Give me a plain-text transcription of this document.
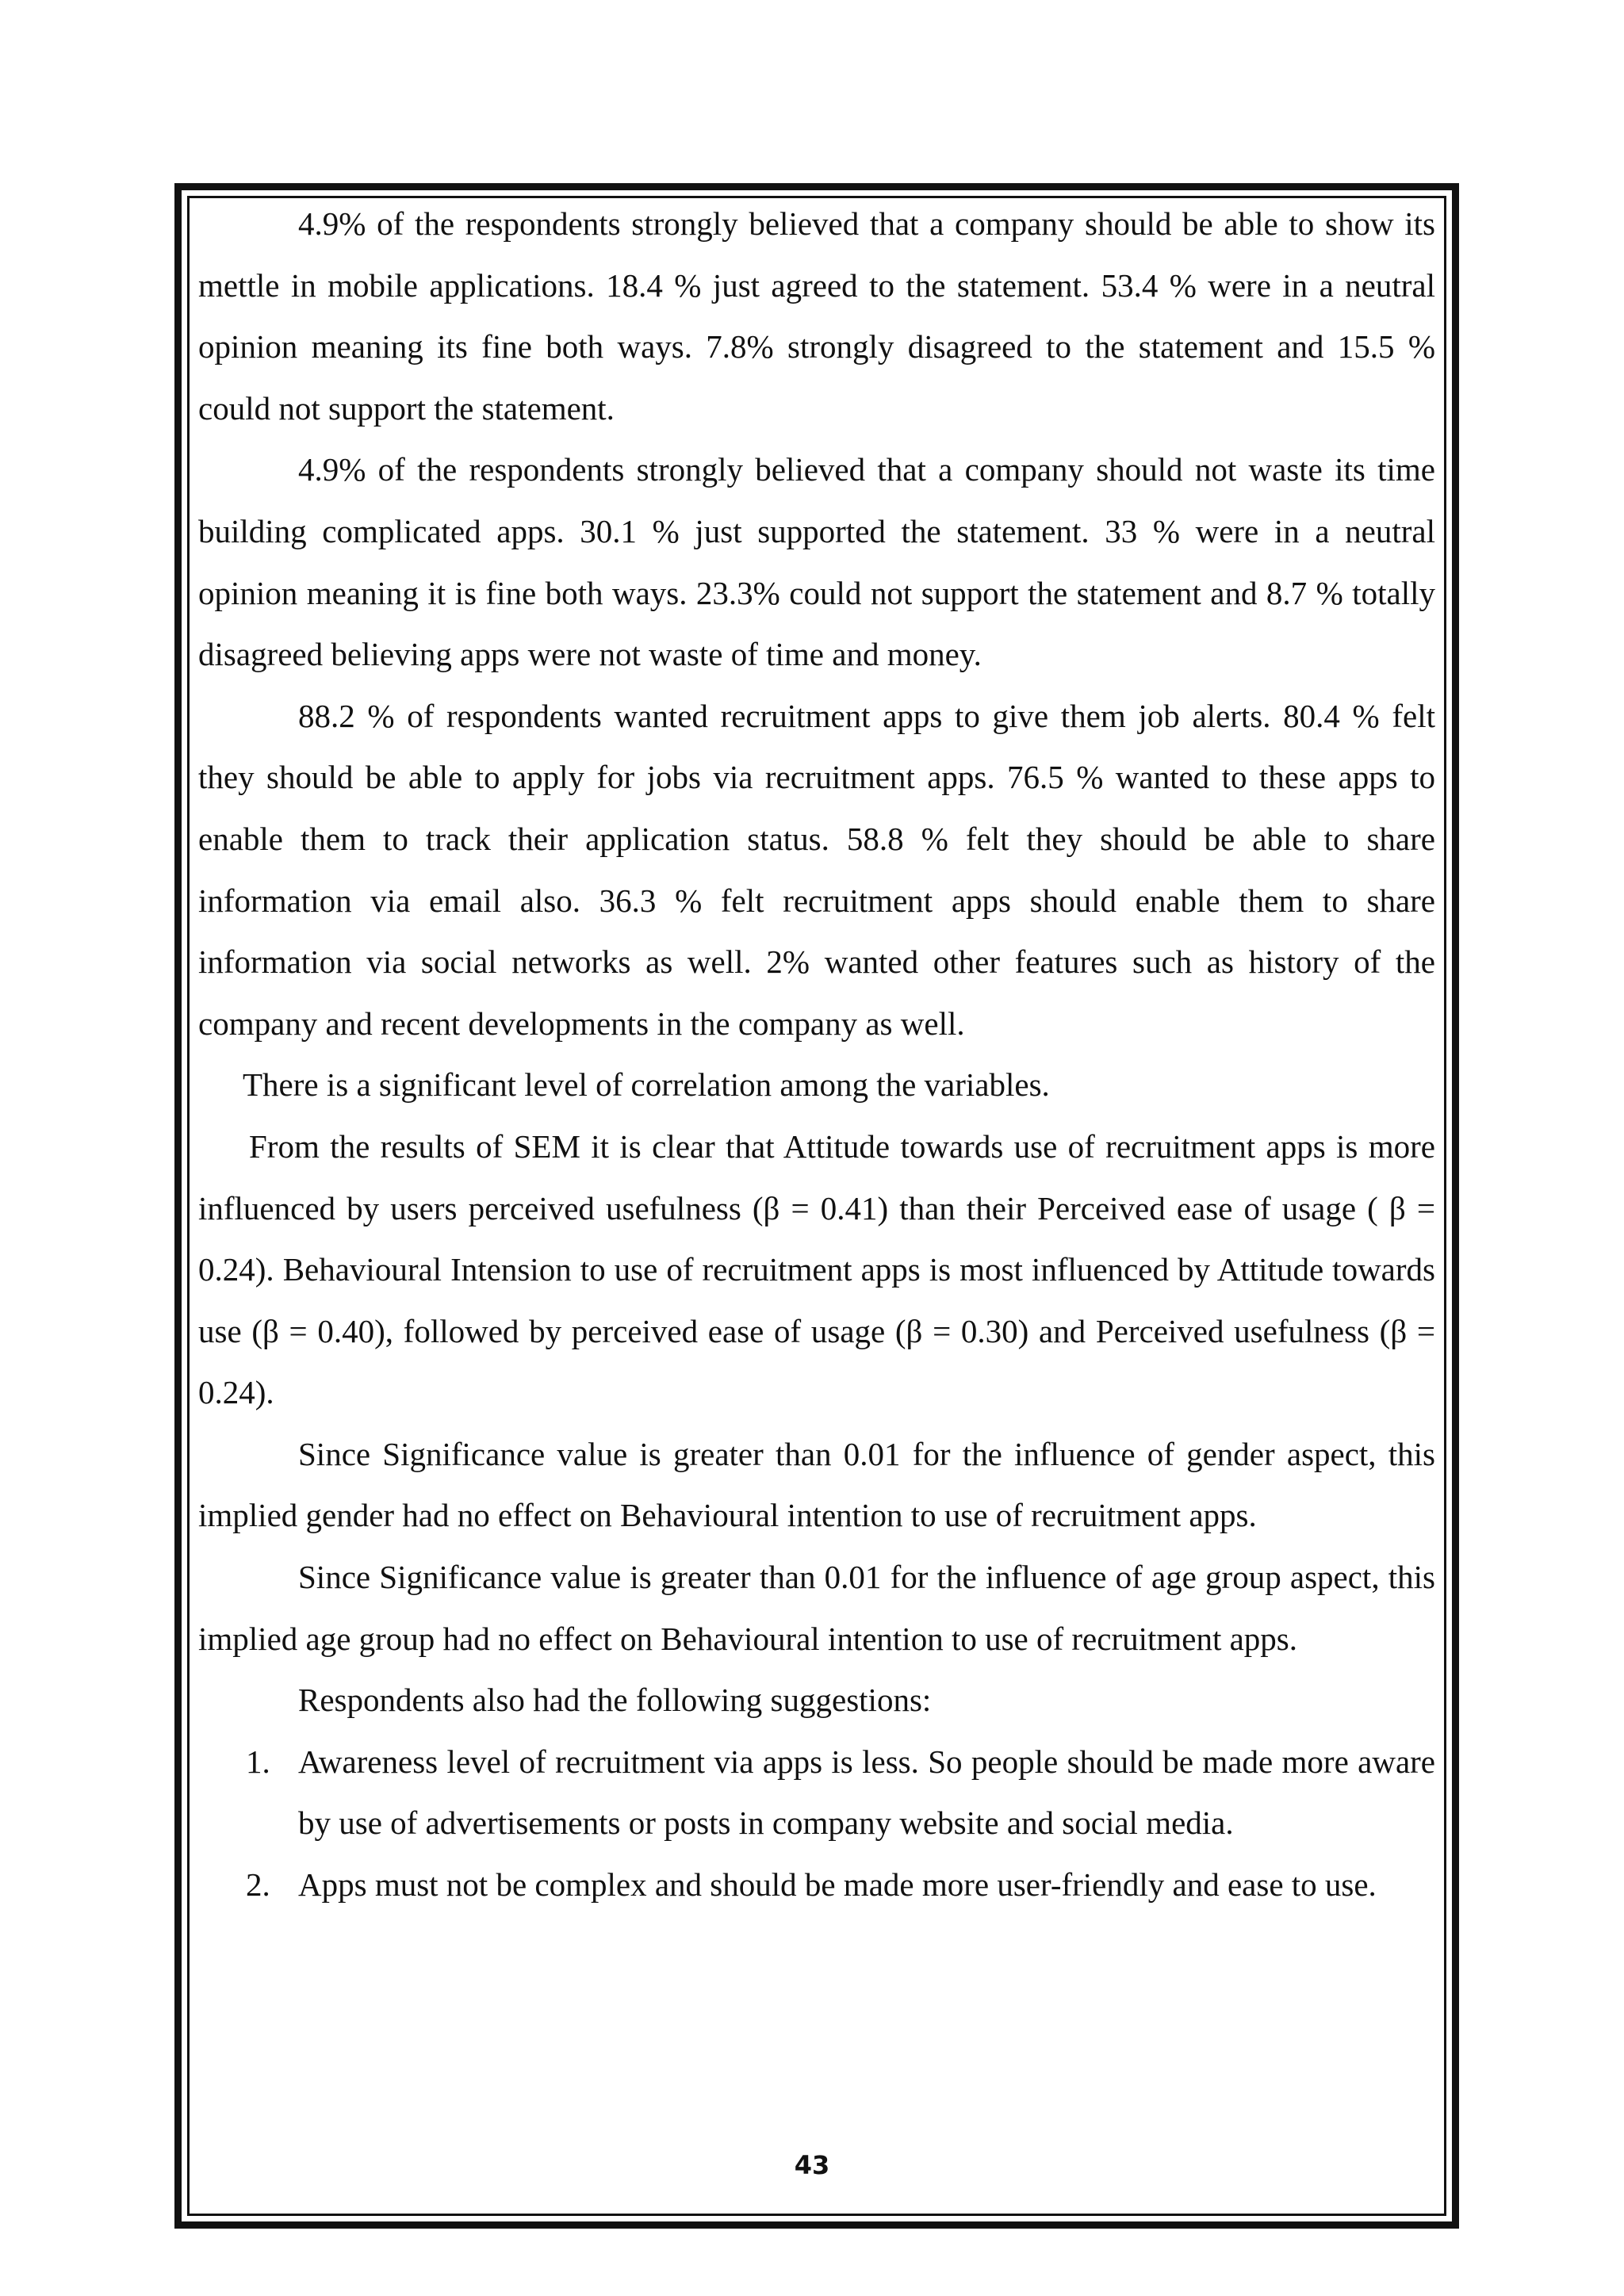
4.9% of the respondents strongly believed that a company should be able to show its mettle in mobile applications. 18.4 % just agreed to the statement. 53.4 % were in a neutral opinion meaning its fine both ways. 7.8% strongly disagreed to the statement and 15.5 % could not support the statement.

4.9% of the respondents strongly believed that a company should not waste its time building complicated apps. 30.1 % just supported the statement. 33 % were in a neutral opinion meaning it is fine both ways. 23.3% could not support the statement and 8.7 % totally disagreed believing apps were not waste of time and money.

88.2 % of respondents wanted recruitment apps to give them job alerts. 80.4 % felt they should be able to apply for jobs via recruitment apps. 76.5 % wanted to these apps to enable them to track their application status. 58.8 % felt they should be able to share information via email also. 36.3 % felt recruitment apps should enable them to share information via social networks as well. 2% wanted other features such as history of the company and recent developments in the company as well.

There is a significant level of correlation among the variables.

From the results of SEM it is clear that Attitude towards use of recruitment apps is more influenced by users perceived usefulness (β = 0.41) than their Perceived ease of usage ( β = 0.24). Behavioural Intension to use of recruitment apps is most influenced by Attitude towards use (β = 0.40), followed by perceived ease of usage (β = 0.30) and Perceived usefulness (β = 0.24).

Since Significance value is greater than 0.01 for the influence of gender aspect, this implied gender had no effect on Behavioural intention to use of recruitment apps.

Since Significance value is greater than 0.01 for the influence of age group aspect, this implied age group had no effect on Behavioural intention to use of recruitment apps.

Respondents also had the following suggestions:

1. Awareness level of recruitment via apps is less. So people should be made more aware by use of advertisements or posts in company website and social media.
2. Apps must not be complex and should be made more user-friendly and ease to use.
43
